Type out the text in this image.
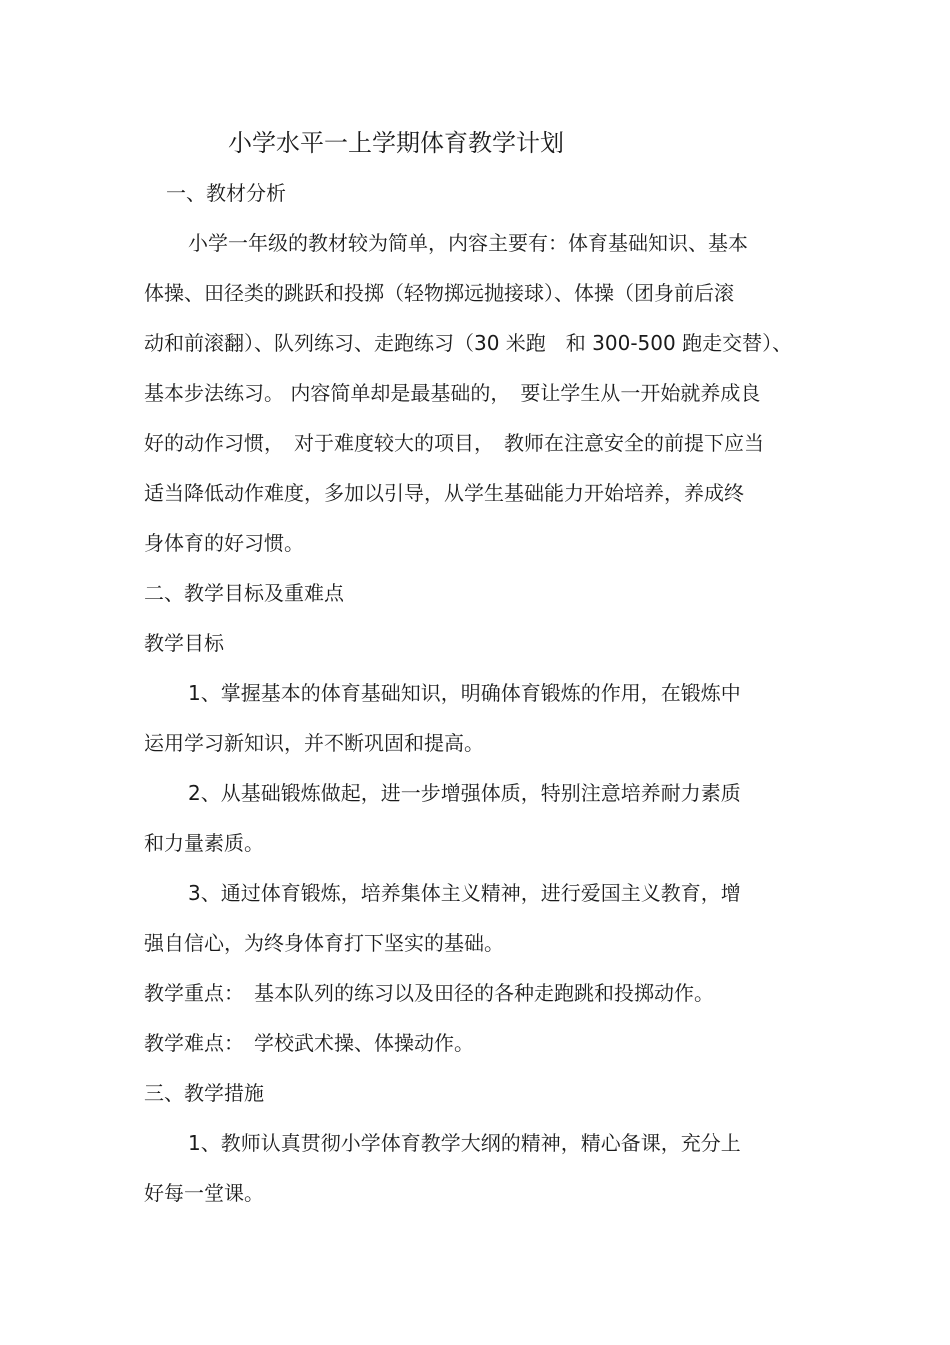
小学水平一上学期体育教学计划
一、教材分析
小学一年级的教材较为简单，内容主要有：体育基础知识、基本
体操、田径类的跳跃和投掷（轻物掷远抛接球）、体操（团身前后滚
动和前滚翻）、队列练习、走跑练习（30 米跑　和 300-500 跑走交替）、
基本步法练习。 内容简单却是最基础的，　要让学生从一开始就养成良
好的动作习惯，　对于难度较大的项目，　教师在注意安全的前提下应当
适当降低动作难度，多加以引导，从学生基础能力开始培养，养成终
身体育的好习惯。
二、教学目标及重难点
教学目标
1、掌握基本的体育基础知识，明确体育锻炼的作用，在锻炼中
运用学习新知识，并不断巩固和提高。
2、从基础锻炼做起，进一步增强体质，特别注意培养耐力素质
和力量素质。
3、通过体育锻炼，培养集体主义精神，进行爱国主义教育，增
强自信心，为终身体育打下坚实的基础。
教学重点：　基本队列的练习以及田径的各种走跑跳和投掷动作。
教学难点：　学校武术操、体操动作。
三、教学措施
1、教师认真贯彻小学体育教学大纲的精神，精心备课，充分上
好每一堂课。
